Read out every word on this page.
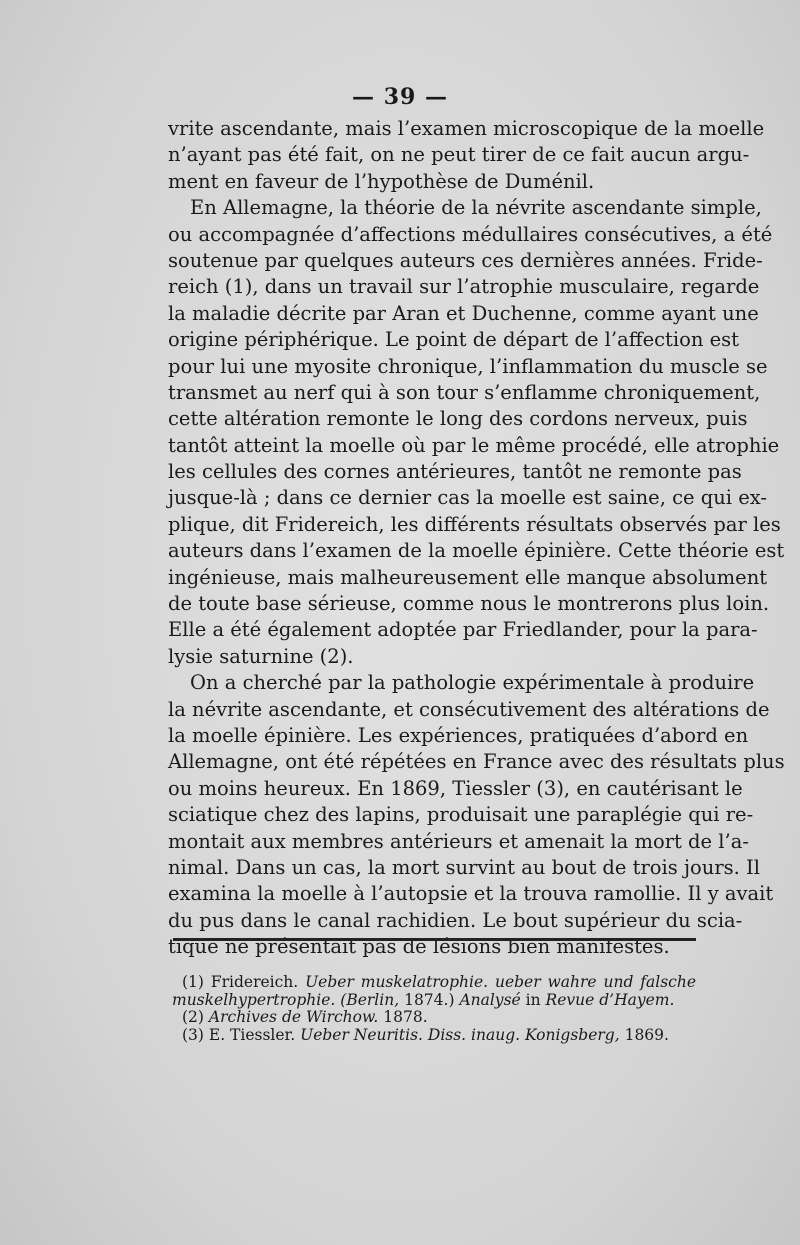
— 39 —
vrite ascendante, mais l’examen microscopique de la moelle
n’ayant pas été fait, on ne peut tirer de ce fait aucun argu-
ment en faveur de l’hypothèse de Duménil.
En Allemagne, la théorie de la névrite ascendante simple,
ou accompagnée d’affections médullaires consécutives, a été
soutenue par quelques auteurs ces dernières années. Fride-
reich (1), dans un travail sur l’atrophie musculaire, regarde
la maladie décrite par Aran et Duchenne, comme ayant une
origine périphérique. Le point de départ de l’affection est
pour lui une myosite chronique, l’inflammation du muscle se
transmet au nerf qui à son tour s’enflamme chroniquement,
cette altération remonte le long des cordons nerveux, puis
tantôt atteint la moelle où par le même procédé, elle atrophie
les cellules des cornes antérieures, tantôt ne remonte pas
jusque-là ; dans ce dernier cas la moelle est saine, ce qui ex-
plique, dit Fridereich, les différents résultats observés par les
auteurs dans l’examen de la moelle épinière. Cette théorie est
ingénieuse, mais malheureusement elle manque absolument
de toute base sérieuse, comme nous le montrerons plus loin.
Elle a été également adoptée par Friedlander, pour la para-
lysie saturnine (2).
On a cherché par la pathologie expérimentale à produire
la névrite ascendante, et consécutivement des altérations de
la moelle épinière. Les expériences, pratiquées d’abord en
Allemagne, ont été répétées en France avec des résultats plus
ou moins heureux. En 1869, Tiessler (3), en cautérisant le
sciatique chez des lapins, produisait une paraplégie qui re-
montait aux membres antérieurs et amenait la mort de l’a-
nimal. Dans un cas, la mort survint au bout de trois jours. Il
examina la moelle à l’autopsie et la trouva ramollie. Il y avait
du pus dans le canal rachidien. Le bout supérieur du scia-
tique ne présentait pas de lésions bien manifestes.
(1) Fridereich. Ueber muskelatrophie. ueber wahre und falsche
muskelhypertrophie. (Berlin, 1874.) Analysé in Revue d’Hayem.
(2) Archives de Wirchow. 1878.
(3) E. Tiessler. Ueber Neuritis. Diss. inaug. Konigsberg, 1869.
